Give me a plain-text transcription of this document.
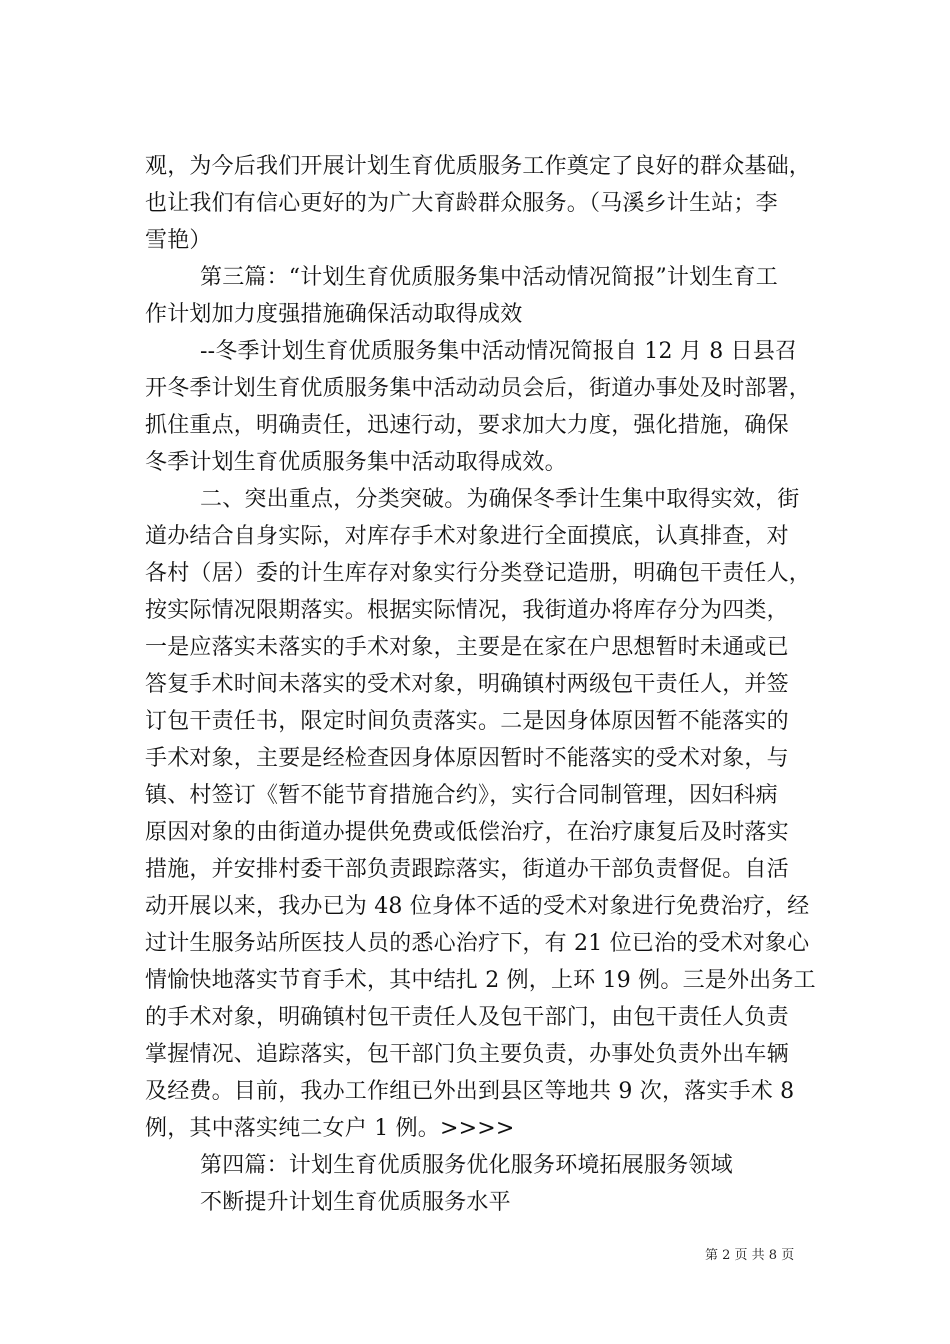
观，为今后我们开展计划生育优质服务工作奠定了良好的群众基础，
也让我们有信心更好的为广大育龄群众服务。（马溪乡计生站；李
雪艳）
第三篇：“计划生育优质服务集中活动情况简报”计划生育工
作计划加力度强措施确保活动取得成效
--冬季计划生育优质服务集中活动情况简报自 12 月 8 日县召
开冬季计划生育优质服务集中活动动员会后，街道办事处及时部署，
抓住重点，明确责任，迅速行动，要求加大力度，强化措施，确保
冬季计划生育优质服务集中活动取得成效。
二、突出重点，分类突破。为确保冬季计生集中取得实效，街
道办结合自身实际，对库存手术对象进行全面摸底，认真排查，对
各村（居）委的计生库存对象实行分类登记造册，明确包干责任人，
按实际情况限期落实。根据实际情况，我街道办将库存分为四类，
一是应落实未落实的手术对象，主要是在家在户思想暂时未通或已
答复手术时间未落实的受术对象，明确镇村两级包干责任人，并签
订包干责任书，限定时间负责落实。二是因身体原因暂不能落实的
手术对象，主要是经检查因身体原因暂时不能落实的受术对象，与
镇、村签订《暂不能节育措施合约》，实行合同制管理，因妇科病
原因对象的由街道办提供免费或低偿治疗，在治疗康复后及时落实
措施，并安排村委干部负责跟踪落实，街道办干部负责督促。自活
动开展以来，我办已为 48 位身体不适的受术对象进行免费治疗，经
过计生服务站所医技人员的悉心治疗下，有 21 位已治的受术对象心
情愉快地落实节育手术，其中结扎 2 例，上环 19 例。三是外出务工
的手术对象，明确镇村包干责任人及包干部门，由包干责任人负责
掌握情况、追踪落实，包干部门负主要负责，办事处负责外出车辆
及经费。目前，我办工作组已外出到县区等地共 9 次，落实手术 8
例，其中落实纯二女户 1 例。>>>>
第四篇：计划生育优质服务优化服务环境拓展服务领域
不断提升计划生育优质服务水平
第 2 页 共 8 页
